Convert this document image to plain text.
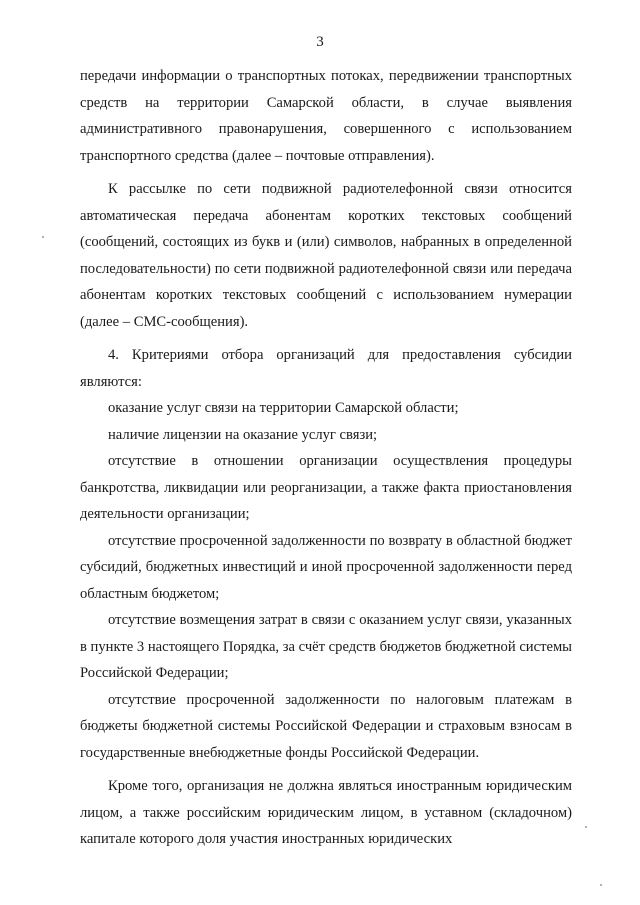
3

передачи информации о транспортных потоках, передвижении транспортных средств на территории Самарской области, в случае выявления административного правонарушения, совершенного с использованием транспортного средства (далее – почтовые отправления).

К рассылке по сети подвижной радиотелефонной связи относится автоматическая передача абонентам коротких текстовых сообщений (сообщений, состоящих из букв и (или) символов, набранных в определенной последовательности) по сети подвижной радиотелефонной связи или передача абонентам коротких текстовых сообщений с использованием нумерации (далее – СМС-сообщения).

4. Критериями отбора организаций для предоставления субсидии являются:

оказание услуг связи на территории Самарской области;

наличие лицензии на оказание услуг связи;

отсутствие в отношении организации осуществления процедуры банкротства, ликвидации или реорганизации, а также факта приостановления деятельности организации;

отсутствие просроченной задолженности по возврату в областной бюджет субсидий, бюджетных инвестиций и иной просроченной задолженности перед областным бюджетом;

отсутствие возмещения затрат в связи с оказанием услуг связи, указанных в пункте 3 настоящего Порядка, за счёт средств бюджетов бюджетной системы Российской Федерации;

отсутствие просроченной задолженности по налоговым платежам в бюджеты бюджетной системы Российской Федерации и страховым взносам в государственные внебюджетные фонды Российской Федерации.

Кроме того, организация не должна являться иностранным юридическим лицом, а также российским юридическим лицом, в уставном (складочном) капитале которого доля участия иностранных юридических
